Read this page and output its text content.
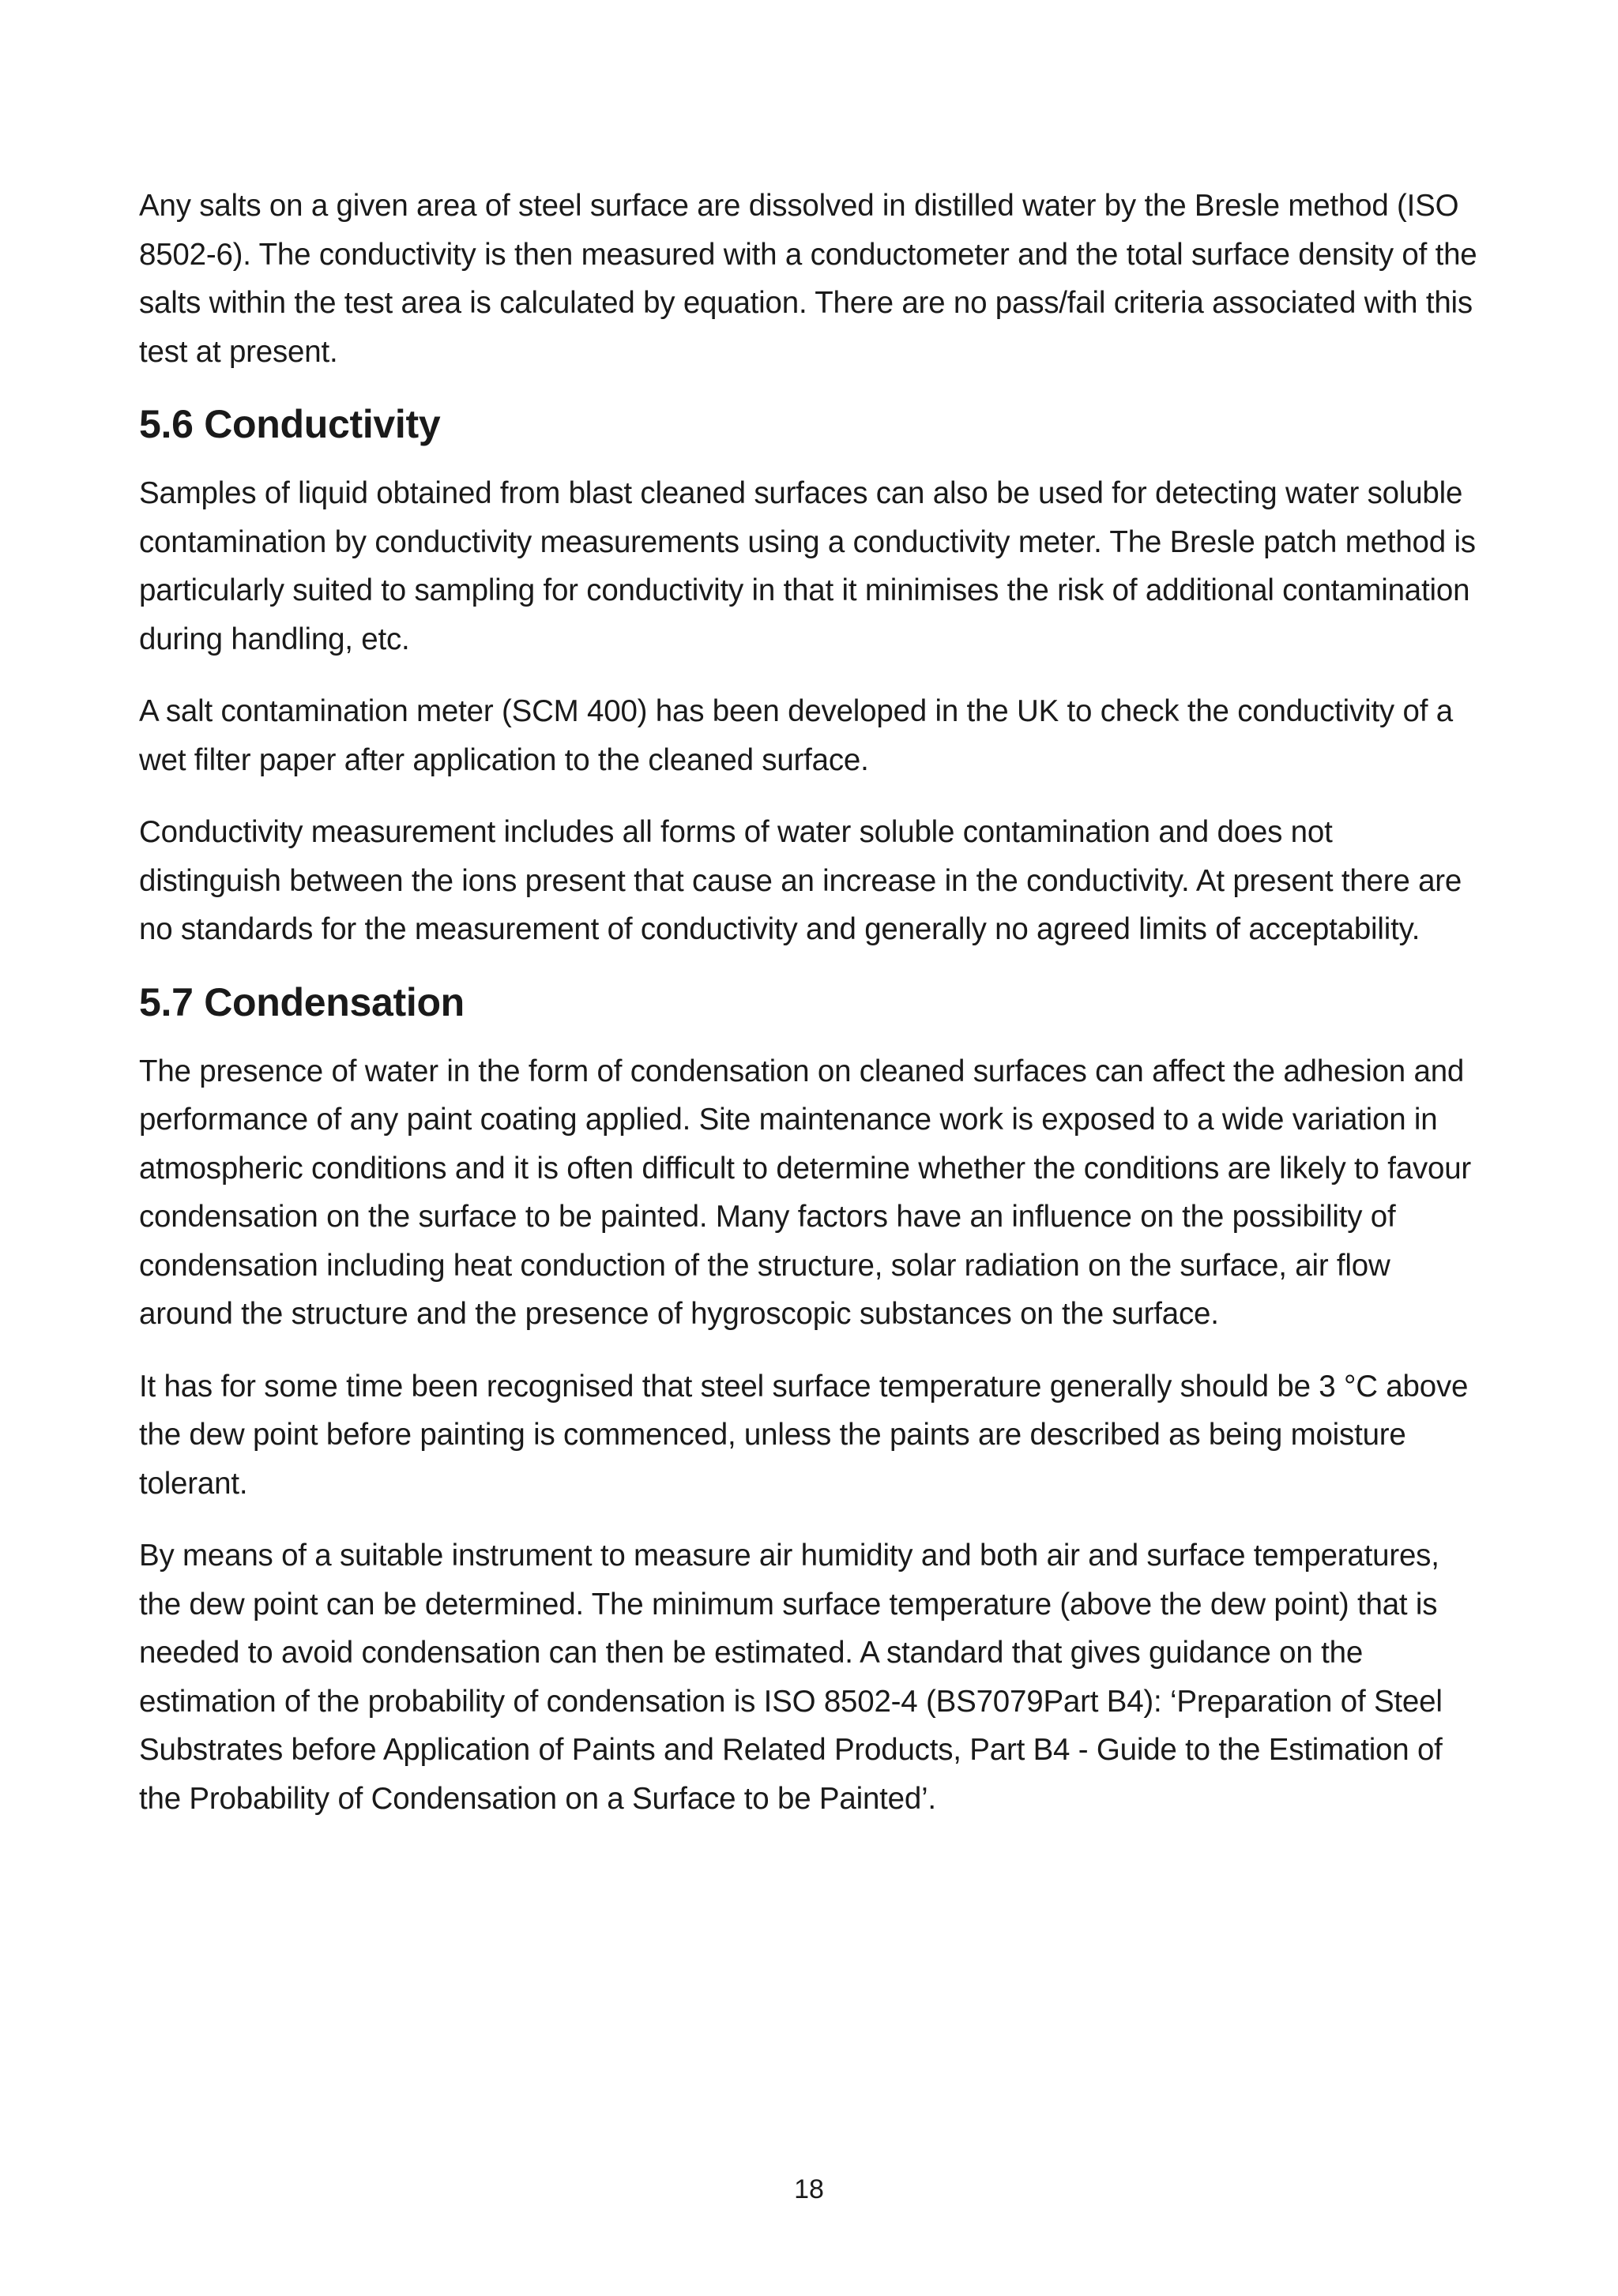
Any salts on a given area of steel surface are dissolved in distilled water by the Bresle method (ISO 8502-6). The conductivity is then measured with a conductometer and the total surface density of the salts within the test area is calculated by equation. There are no pass/fail criteria associated with this test at present.

5.6 Conductivity

Samples of liquid obtained from blast cleaned surfaces can also be used for detecting water soluble contamination by conductivity measurements using a conductivity meter. The Bresle patch method is particularly suited to sampling for conductivity in that it minimises the risk of additional contamination during handling, etc.

A salt contamination meter (SCM 400) has been developed in the UK to check the conductivity of a wet filter paper after application to the cleaned surface.

Conductivity measurement includes all forms of water soluble contamination and does not distinguish between the ions present that cause an increase in the conductivity. At present there are no standards for the measurement of conductivity and generally no agreed limits of acceptability.

5.7 Condensation

The presence of water in the form of condensation on cleaned surfaces can affect the adhesion and performance of any paint coating applied. Site maintenance work is exposed to a wide variation in atmospheric conditions and it is often difficult to determine whether the conditions are likely to favour condensation on the surface to be painted. Many factors have an influence on the possibility of condensation including heat conduction of the structure, solar radiation on the surface, air flow around the structure and the presence of hygroscopic substances on the surface.

It has for some time been recognised that steel surface temperature generally should be 3 °C above the dew point before painting is commenced, unless the paints are described as being moisture tolerant.

By means of a suitable instrument to measure air humidity and both air and surface temperatures, the dew point can be determined. The minimum surface temperature (above the dew point) that is needed to avoid condensation can then be estimated. A standard that gives guidance on the estimation of the probability of condensation is ISO 8502-4 (BS7079Part B4): ‘Preparation of Steel Substrates before Application of Paints and Related Products, Part B4 - Guide to the Estimation of the Probability of Condensation on a Surface to be Painted’.

18
